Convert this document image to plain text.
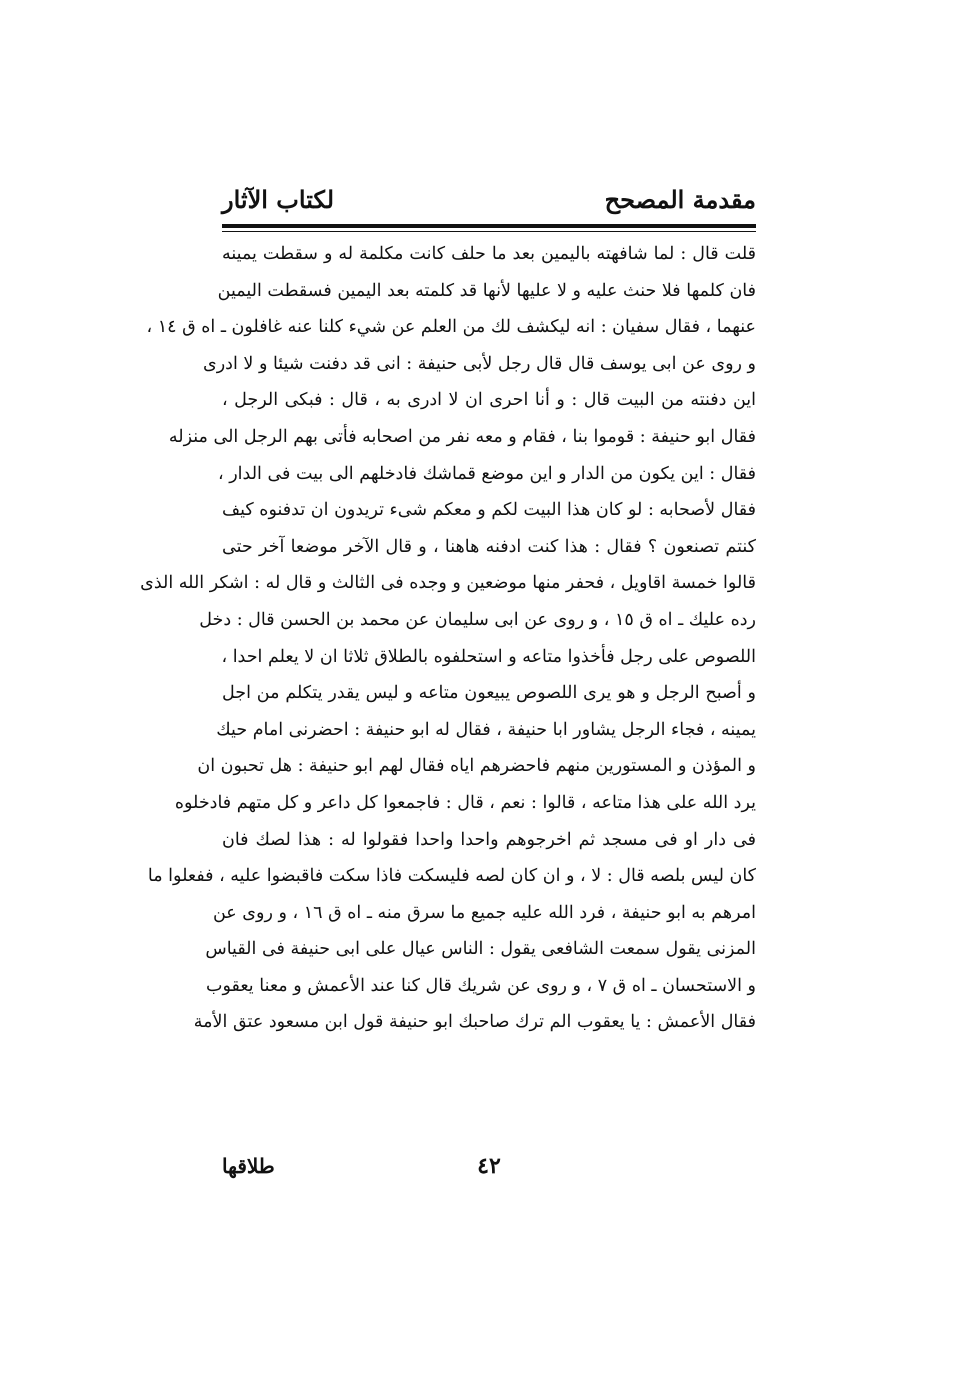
مقدمة المصحح
لكتاب الآثار
قلت قال : لما شافهته باليمين بعد ما حلف كانت مكلمة له و سقطت يمينه
فان كلمها فلا حنث عليه و لا عليها لأنها قد كلمته بعد اليمين فسقطت اليمين
عنهما ، فقال سفيان : انه ليكشف لك من العلم عن شيء كلنا عنه غافلون ـ اه ق ١٤ ،
و روى عن ابى يوسف قال قال رجل لأبى حنيفة : انى قد دفنت شيئا و لا ادرى
اين دفنته من البيت قال : و أنا احرى ان لا ادرى به ، قال : فبكى الرجل ،
فقال ابو حنيفة : قوموا بنا ، فقام و معه نفر من اصحابه فأتى بهم الرجل الى منزله
فقال : اين يكون من الدار و اين موضع قماشك فادخلهم الى بيت فى الدار ،
فقال لأصحابه : لو كان هذا البيت لكم و معكم شىء تريدون ان تدفنوه كيف
كنتم تصنعون ؟ فقال : هذا كنت ادفنه هاهنا ، و قال الآخر موضعا آخر حتى
قالوا خمسة اقاويل ، فحفر منها موضعين و وجده فى الثالث و قال له : اشكر الله الذى
رده عليك ـ اه ق ١٥ ، و روى عن ابى سليمان عن محمد بن الحسن قال : دخل
اللصوص على رجل فأخذوا متاعه و استحلفوه بالطلاق ثلاثا ان لا يعلم احدا ،
و أصبح الرجل و هو يرى اللصوص يبيعون متاعه و ليس يقدر يتكلم من اجل
يمينه ، فجاء الرجل يشاور ابا حنيفة ، فقال له ابو حنيفة : احضرنى امام حيك
و المؤذن و المستورين منهم فاحضرهم اياه فقال لهم ابو حنيفة : هل تحبون ان
يرد الله على هذا متاعه ، قالوا : نعم ، قال : فاجمعوا كل داعر و كل متهم فادخلوه
فى دار او فى مسجد ثم اخرجوهم واحدا واحدا فقولوا له : هذا لصك فان
كان ليس بلصه قال : لا ، و ان كان لصه فليسكت فاذا سكت فاقبضوا عليه ، ففعلوا ما
امرهم به ابو حنيفة ، فرد الله عليه جميع ما سرق منه ـ اه ق ١٦ ، و روى عن
المزنى يقول سمعت الشافعى يقول : الناس عيال على ابى حنيفة فى القياس
و الاستحسان ـ اه ق ٧ ، و روى عن شريك قال كنا عند الأعمش و معنا يعقوب
فقال الأعمش : يا يعقوب الم ترك صاحبك ابو حنيفة قول ابن مسعود عتق الأمة
٤٢
طلاقها
